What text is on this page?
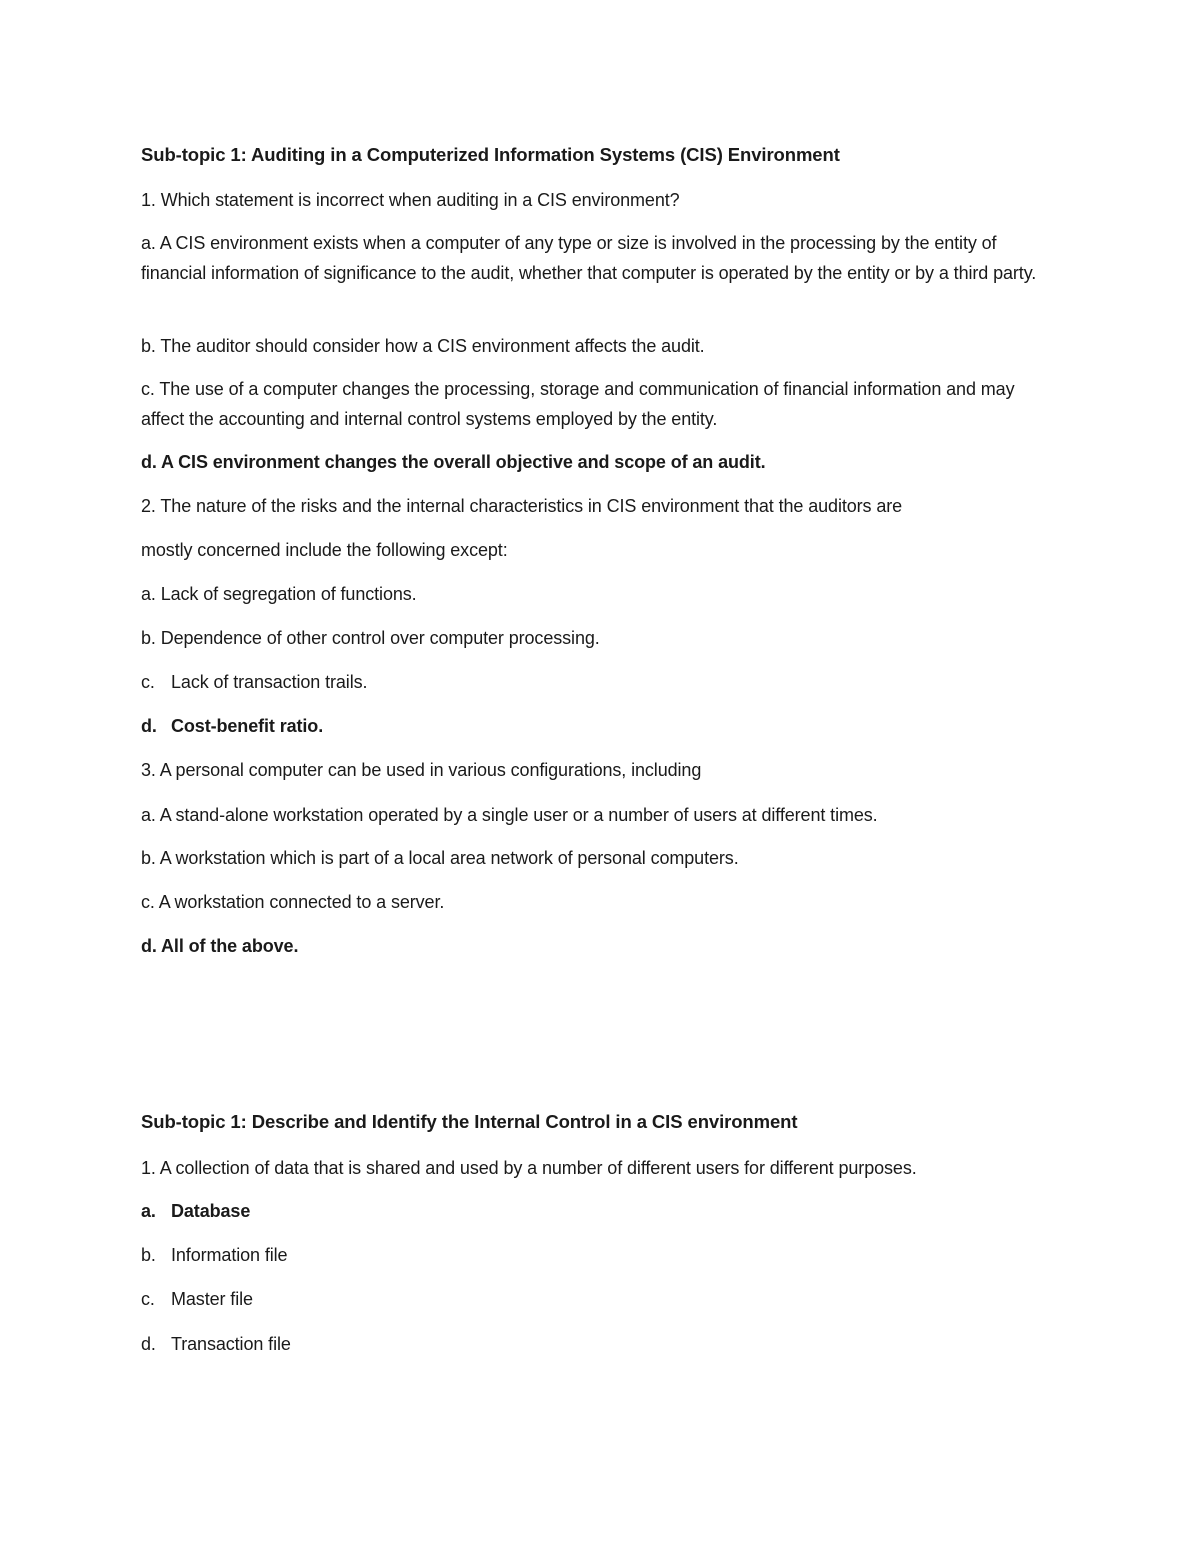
Sub-topic 1: Auditing in a Computerized Information Systems (CIS) Environment
1. Which statement is incorrect when auditing in a CIS environment?
a. A CIS environment exists when a computer of any type or size is involved in the processing by the entity of financial information of significance to the audit, whether that computer is operated by the entity or by a third party.
b. The auditor should consider how a CIS environment affects the audit.
c. The use of a computer changes the processing, storage and communication of financial information and may affect the accounting and internal control systems employed by the entity.
d. A CIS environment changes the overall objective and scope of an audit.
2. The nature of the risks and the internal characteristics in CIS environment that the auditors are
mostly concerned include the following except:
a. Lack of segregation of functions.
b. Dependence of other control over computer processing.
c. Lack of transaction trails.
d. Cost-benefit ratio.
3. A personal computer can be used in various configurations, including
a. A stand-alone workstation operated by a single user or a number of users at different times.
b. A workstation which is part of a local area network of personal computers.
c. A workstation connected to a server.
d. All of the above.
Sub-topic 1: Describe and Identify the Internal Control in a CIS environment
1. A collection of data that is shared and used by a number of different users for different purposes.
a. Database
b. Information file
c. Master file
d. Transaction file
